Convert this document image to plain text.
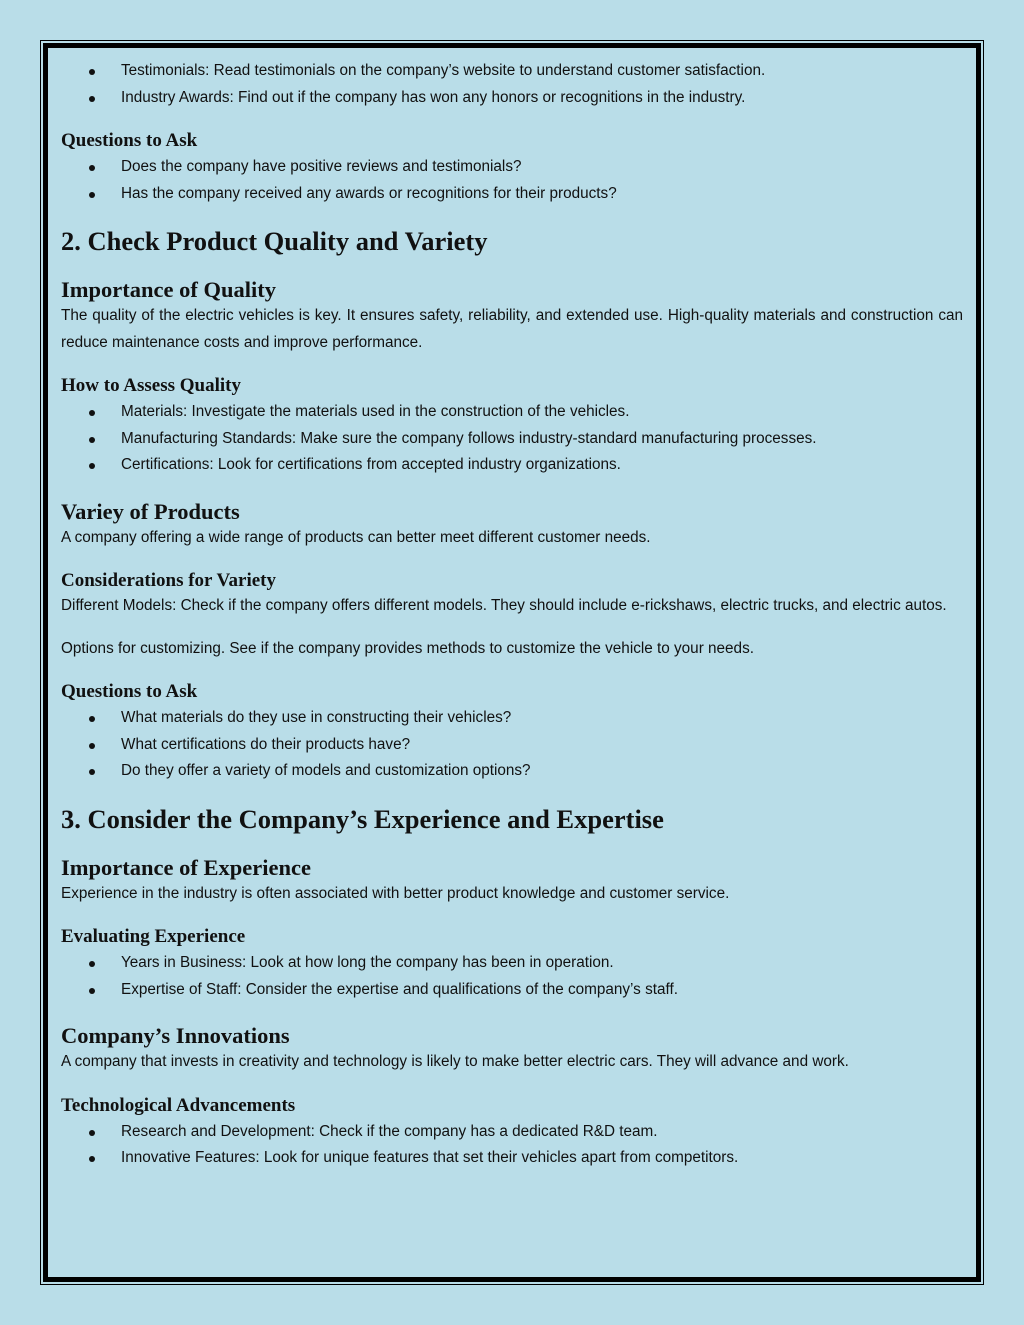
Testimonials: Read testimonials on the company’s website to understand customer satisfaction.
Industry Awards: Find out if the company has won any honors or recognitions in the industry.
Questions to Ask
Does the company have positive reviews and testimonials?
Has the company received any awards or recognitions for their products?
2. Check Product Quality and Variety
Importance of Quality

The quality of the electric vehicles is key. It ensures safety, reliability, and extended use. High-quality materials and construction can reduce maintenance costs and improve performance.

How to Assess Quality
Materials: Investigate the materials used in the construction of the vehicles.
Manufacturing Standards: Make sure the company follows industry-standard manufacturing processes.
Certifications: Look for certifications from accepted industry organizations.
Variey of Products

A company offering a wide range of products can better meet different customer needs.

Considerations for Variety

Different Models: Check if the company offers different models. They should include e-rickshaws, electric trucks, and electric autos.

Options for customizing. See if the company provides methods to customize the vehicle to your needs.

Questions to Ask
What materials do they use in constructing their vehicles?
What certifications do their products have?
Do they offer a variety of models and customization options?
3. Consider the Company’s Experience and Expertise
Importance of Experience

Experience in the industry is often associated with better product knowledge and customer service.

Evaluating Experience
Years in Business: Look at how long the company has been in operation.
Expertise of Staff: Consider the expertise and qualifications of the company’s staff.
Company’s Innovations

A company that invests in creativity and technology is likely to make better electric cars. They will advance and work.

Technological Advancements
Research and Development: Check if the company has a dedicated R&D team.
Innovative Features: Look for unique features that set their vehicles apart from competitors.
